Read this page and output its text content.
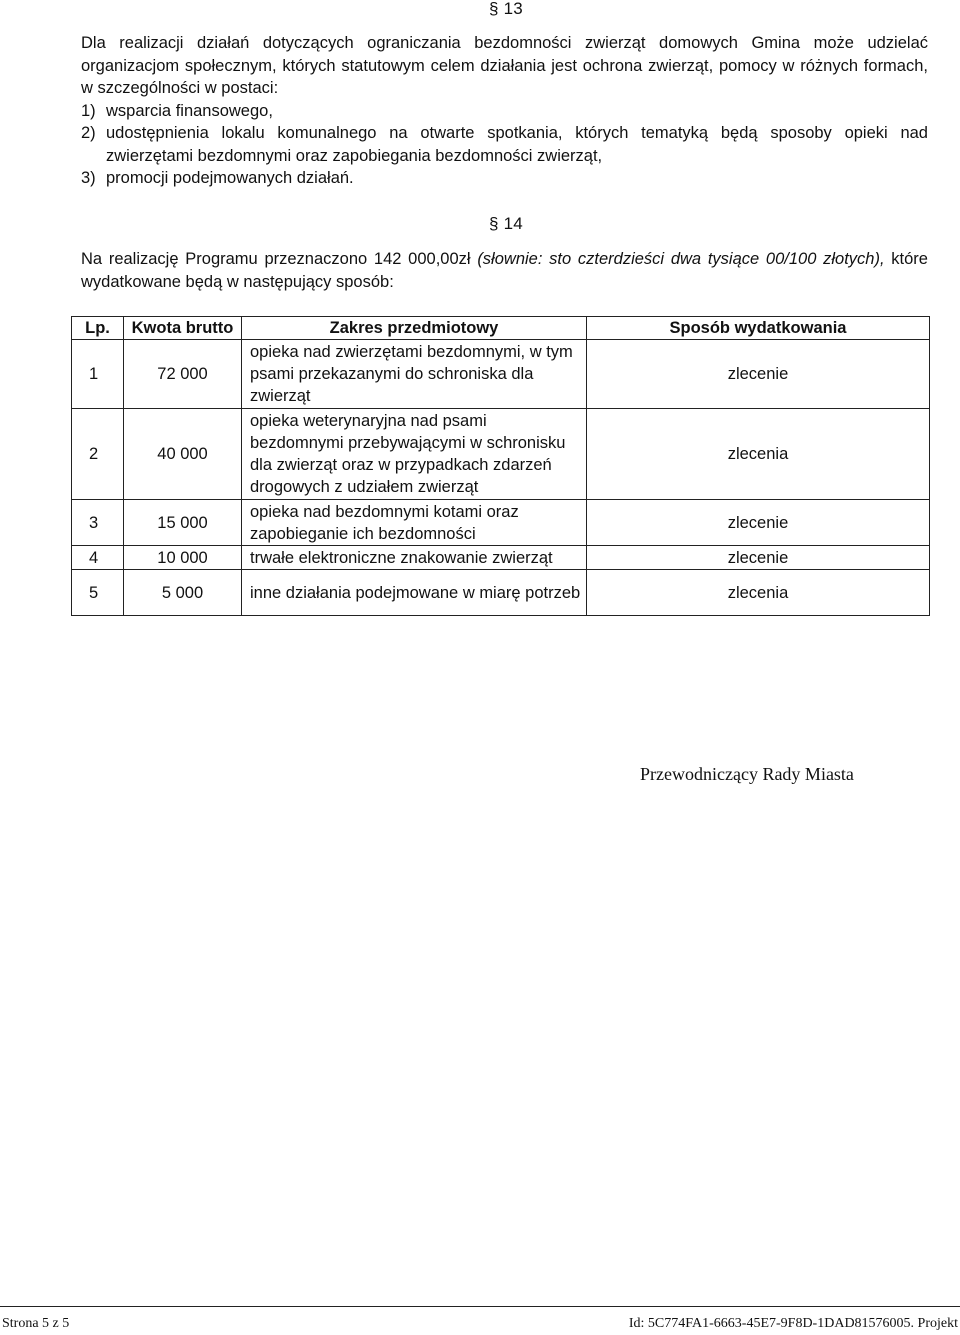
§ 13
Dla realizacji działań dotyczących ograniczania bezdomności zwierząt domowych Gmina może udzielać organizacjom społecznym, których statutowym celem działania jest ochrona zwierząt, pomocy w różnych formach, w szczególności w postaci:
1) wsparcia finansowego,
2) udostępnienia lokalu komunalnego na otwarte spotkania, których tematyką będą sposoby opieki nad zwierzętami bezdomnymi oraz zapobiegania bezdomności zwierząt,
3) promocji podejmowanych działań.
§ 14
Na realizację Programu przeznaczono 142 000,00zł (słownie: sto czterdzieści dwa tysiące 00/100 złotych), które wydatkowane będą w następujący sposób:
Lp.	Kwota brutto	Zakres przedmiotowy	Sposób wydatkowania
1	72 000	opieka nad zwierzętami bezdomnymi, w tym psami przekazanymi do schroniska dla zwierząt	zlecenie
2	40 000	opieka weterynaryjna nad psami bezdomnymi przebywającymi w schronisku dla zwierząt oraz w przypadkach zdarzeń drogowych z udziałem zwierząt	zlecenia
3	15 000	opieka nad bezdomnymi kotami oraz zapobieganie ich bezdomności	zlecenie
4	10 000	trwałe elektroniczne znakowanie zwierząt	zlecenie
5	5 000	inne działania podejmowane w miarę potrzeb	zlecenia
Przewodniczący Rady Miasta
Strona 5 z 5	Id: 5C774FA1-6663-45E7-9F8D-1DAD81576005. Projekt
